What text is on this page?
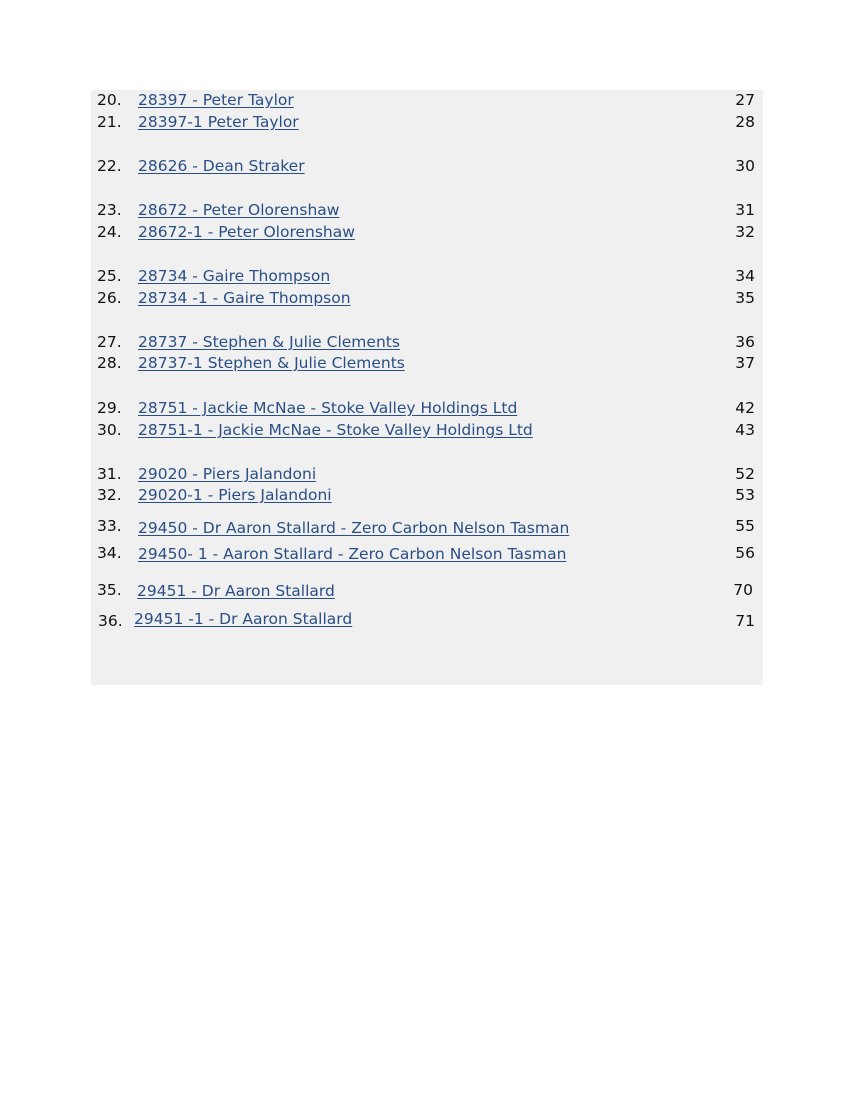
20. 28397 - Peter Taylor	27
21. 28397-1 Peter Taylor	28
22. 28626 - Dean Straker	30
23. 28672 - Peter Olorenshaw	31
24. 28672-1 - Peter Olorenshaw	32
25. 28734 - Gaire Thompson	34
26. 28734 -1 - Gaire Thompson	35
27. 28737 - Stephen & Julie Clements	36
28. 28737-1 Stephen & Julie Clements	37
29. 28751 - Jackie McNae - Stoke Valley Holdings Ltd	42
30. 28751-1 - Jackie McNae - Stoke Valley Holdings Ltd	43
31. 29020 - Piers Jalandoni	52
32. 29020-1 - Piers Jalandoni	53
33. 29450 - Dr Aaron Stallard - Zero Carbon Nelson Tasman	55
34. 29450- 1 - Aaron Stallard - Zero Carbon Nelson Tasman	56
35. 29451 - Dr Aaron Stallard	70
36. 29451 -1 - Dr Aaron Stallard	71
